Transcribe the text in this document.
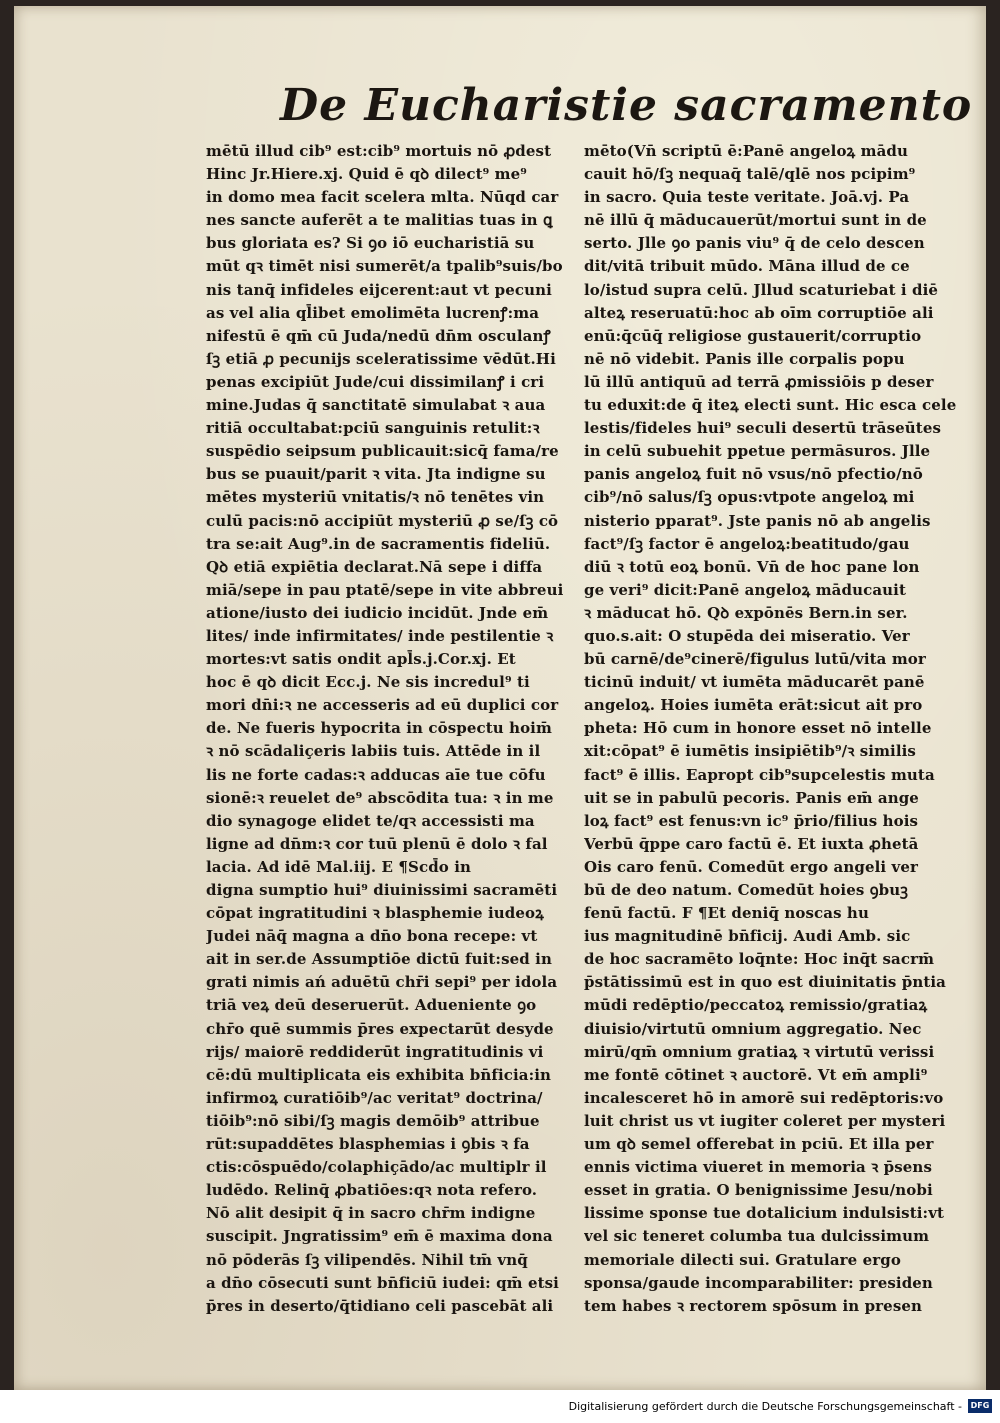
De Eucharistie sacramento
mētū illud cib⁹ est:cib⁹ mortuis nō ꝓdest
Hinc Jr.Hiere.xj. Quid ē qꝺ dilect⁹ me⁹
in domo mea facit scelera mlta. Nūqd car
nes sancte auferēt a te malitias tuas in ꝗ
bus gloriata es? Si ꝯo iō eucharistiā su
mūt qꝛ timēt nisi sumerēt/a tpalib⁹suis/bo
nis tanq̄ infideles eijcerent:aut vt pecuni
as vel alia ql̄ibet emolimēta lucrenꝭ:ma
nifestū ē qm̄ cū Juda/nedū dn̄m osculanꝭ
ſꝫ etiā ꝓ pecunijs sceleratissime vēdūt.Hi
penas excipiūt Jude/cui dissimilanꝭ i cri
mine.Judas q̄ sanctitatē simulabat ꝛ aua
ritiā occultabat:pciū sanguinis retulit:ꝛ
suspēdio seipsum publicauit:sicq̄ fama/re
bus se puauit/parit ꝛ vita. Jta indigne su
mētes mysteriū vnitatis/ꝛ nō tenētes vin
culū pacis:nō accipiūt mysteriū ꝓ se/ſꝫ cō
tra se:ait Aug⁹.in de sacramentis fideliū.
Qꝺ etiā expiētia declarat.Nā sepe i diffa
miā/sepe in pau ptatē/sepe in vite abbreui
atione/iusto dei iudicio incidūt. Jnde em̄
lites/ inde infirmitates/ inde pestilentie ꝛ
mortes:vt satis ondit apl̄s.j.Cor.xj. Et
hoc ē qꝺ dicit Ecc.j. Ne sis incredul⁹ ti
mori dn̄i:ꝛ ne accesseris ad eū duplici cor
de. Ne fueris hypocrita in cōspectu hoim̄
ꝛ nō scādaliçeris labiis tuis. Attēde in il
lis ne forte cadas:ꝛ adducas aīe tue cōfu
sionē:ꝛ reuelet de⁹ abscōdita tua: ꝛ in me
dio synagoge elidet te/qꝛ accessisti ma
ligne ad dn̄m:ꝛ cor tuū plenū ē dolo ꝛ fal
lacia. Ad idē Mal.iij. E ¶Scd̄o in
digna sumptio hui⁹ diuinissimi sacramēti
cōpat ingratitudini ꝛ blasphemie iudeoꝝ
Judei nāq̄ magna a dn̄o bona recepe: vt
ait in ser.de Assumptiōe dictū fuit:sed in
grati nimis ań aduētū chr̄i sepi⁹ per idola
triā veꝝ deū deseruerūt. Adueniente ꝯo
chr̄o quē summis p̄res expectarūt desyde
rijs/ maiorē reddiderūt ingratitudinis vi
cē:dū multiplicata eis exhibita bn̄ficia:in
infirmoꝝ curatiōib⁹/ac veritat⁹ doctrina/
tiōib⁹:nō sibi/ſꝫ magis demōib⁹ attribue
rūt:supaddētes blasphemias i ꝯbis ꝛ fa
ctis:cōspuēdo/colaphiçādo/ac multiplr il
ludēdo. Relinq̄ ꝓbatiōes:qꝛ nota refero.
Nō alit desipit q̄ in sacro chr̄m indigne
suscipit. Jngratissim⁹ em̄ ē maxima dona
nō pōderās ſꝫ vilipendēs. Nihil tm̄ vnq̄
a dn̄o cōsecuti sunt bn̄ficiū iudei: qm̄ etsi
p̄res in deserto/q̄tidiano celi pascebāt ali
mēto(Vn̄ scriptū ē:Panē angeloꝝ mādu
cauit hō/ſꝫ nequaq̄ talē/qlē nos pcipim⁹
in sacro. Quia teste veritate. Joā.vj. Pa
nē illū q̄ māducauerūt/mortui sunt in de
serto. Jlle ꝯo panis viu⁹ q̄ de celo descen
dit/vitā tribuit mūdo. Māna illud de ce
lo/istud supra celū. Jllud scaturiebat i diē
alteꝝ reseruatū:hoc ab oīm corruptiōe ali
enū:q̄cūq̄ religiose gustauerit/corruptio
nē nō videbit. Panis ille corpalis popu
lū illū antiquū ad terrā ꝓmissiōis p deser
tu eduxit:de q̄ iteꝝ electi sunt. Hic esca cele
lestis/fideles hui⁹ seculi desertū trāseūtes
in celū subuehit ppetue permāsuros. Jlle
panis angeloꝝ fuit nō vsus/nō pfectio/nō
cib⁹/nō salus/ſꝫ opus:vtpote angeloꝝ mi
nisterio pparat⁹. Jste panis nō ab angelis
fact⁹/ſꝫ factor ē angeloꝝ:beatitudo/gau
diū ꝛ totū eoꝝ bonū. Vn̄ de hoc pane lon
ge veri⁹ dicit:Panē angeloꝝ māducauit
ꝛ māducat hō. Qꝺ expōnēs Bern.in ser.
quo.s.ait: O stupēda dei miseratio. Ver
bū carnē/de⁹cinerē/figulus lutū/vita mor
ticinū induit/ vt iumēta māducarēt panē
angeloꝝ. Hoies iumēta erāt:sicut ait pro
pheta: Hō cum in honore esset nō intelle
xit:cōpat⁹ ē iumētis insipiētib⁹/ꝛ similis
fact⁹ ē illis. Eapropt cib⁹supcelestis muta
uit se in pabulū pecoris. Panis em̄ ange
loꝝ fact⁹ est fenus:vn ic⁹ p̄rio/filius hois
Verbū q̄ppe caro factū ē. Et iuxta ꝓhetā
Ois caro fenū. Comedūt ergo angeli ver
bū de deo natum. Comedūt hoies ꝯbuꝫ
fenū factū. F ¶Et deniq̄ noscas hu
ius magnitudinē bn̄ficij. Audi Amb. sic
de hoc sacramēto loq̄nte: Hoc inq̄t sacrm̄
p̄stātissimū est in quo est diuinitatis p̄ntia
mūdi redēptio/peccatoꝝ remissio/gratiaꝝ
diuisio/virtutū omnium aggregatio. Nec
mirū/qm̄ omnium gratiaꝝ ꝛ virtutū verissi
me fontē cōtinet ꝛ auctorē. Vt em̄ ampli⁹
incalesceret hō in amorē sui redēptoris:vo
luit christ us vt iugiter coleret per mysteri
um qꝺ semel offerebat in pciū. Et illa per
ennis victima viueret in memoria ꝛ p̄sens
esset in gratia. O benignissime Jesu/nobi
lissime sponse tue dotalicium indulsisti:vt
vel sic teneret columba tua dulcissimum
memoriale dilecti sui. Gratulare ergo
sponsa/gaude incomparabiliter: presiden
tem habes ꝛ rectorem spōsum in presen
Digitalisierung gefördert durch die Deutsche Forschungsgemeinschaft -	DFG
